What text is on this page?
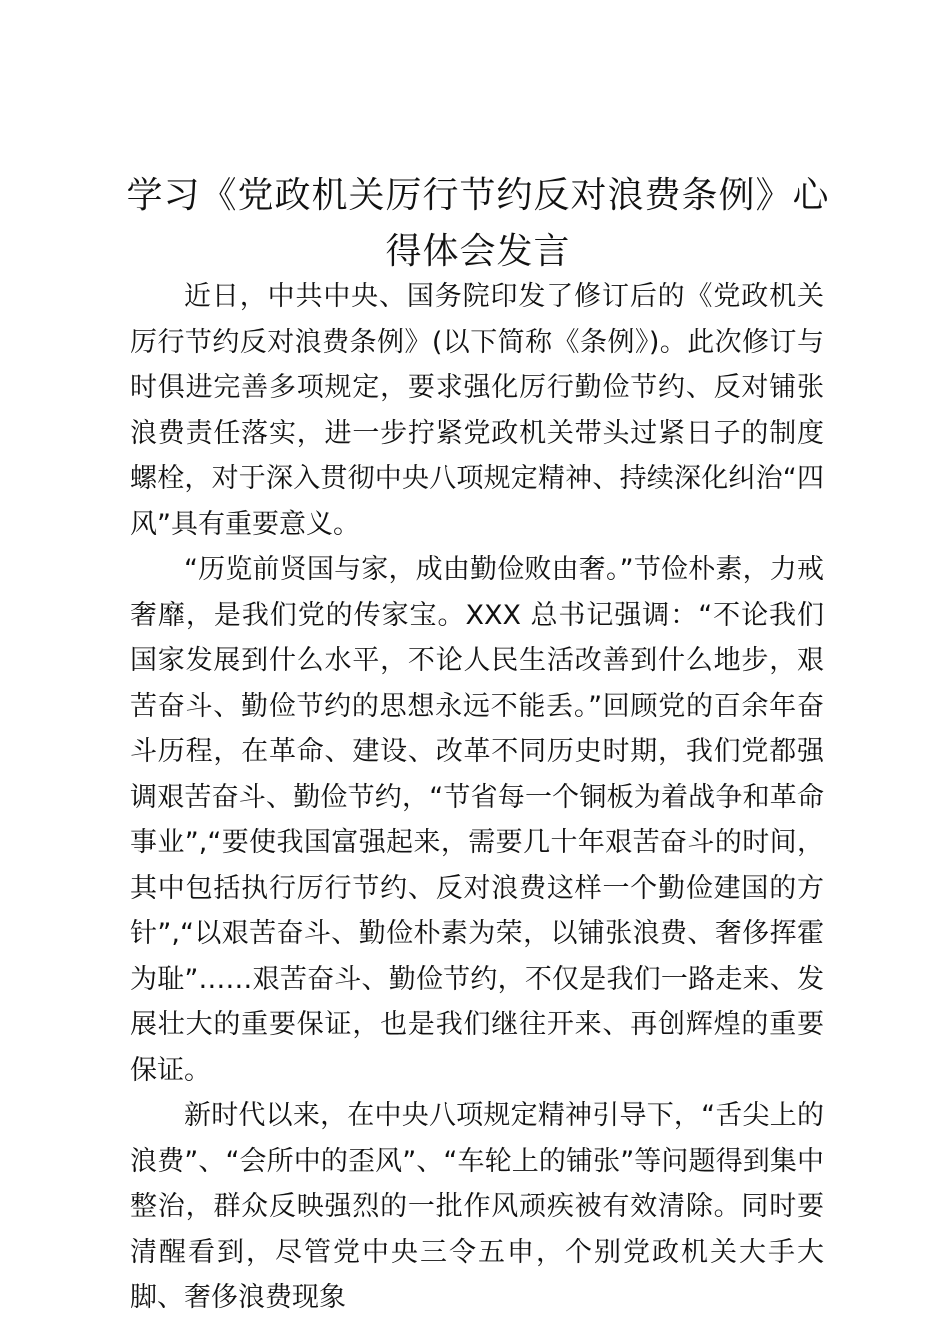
学习《党政机关厉行节约反对浪费条例》心得体会发言

近日，中共中央、国务院印发了修订后的《党政机关厉行节约反对浪费条例》(以下简称《条例》)。此次修订与时俱进完善多项规定，要求强化厉行勤俭节约、反对铺张浪费责任落实，进一步拧紧党政机关带头过紧日子的制度螺栓，对于深入贯彻中央八项规定精神、持续深化纠治“四风”具有重要意义。

“历览前贤国与家，成由勤俭败由奢。”节俭朴素，力戒奢靡，是我们党的传家宝。XXX 总书记强调：“不论我们国家发展到什么水平，不论人民生活改善到什么地步，艰苦奋斗、勤俭节约的思想永远不能丢。”回顾党的百余年奋斗历程，在革命、建设、改革不同历史时期，我们党都强调艰苦奋斗、勤俭节约，“节省每一个铜板为着战争和革命事业”,“要使我国富强起来，需要几十年艰苦奋斗的时间，其中包括执行厉行节约、反对浪费这样一个勤俭建国的方针”,“以艰苦奋斗、勤俭朴素为荣，以铺张浪费、奢侈挥霍为耻”……艰苦奋斗、勤俭节约，不仅是我们一路走来、发展壮大的重要保证，也是我们继往开来、再创辉煌的重要保证。

新时代以来，在中央八项规定精神引导下，“舌尖上的浪费”、“会所中的歪风”、“车轮上的铺张”等问题得到集中整治，群众反映强烈的一批作风顽疾被有效清除。同时要清醒看到，尽管党中央三令五申，个别党政机关大手大脚、奢侈浪费现象
